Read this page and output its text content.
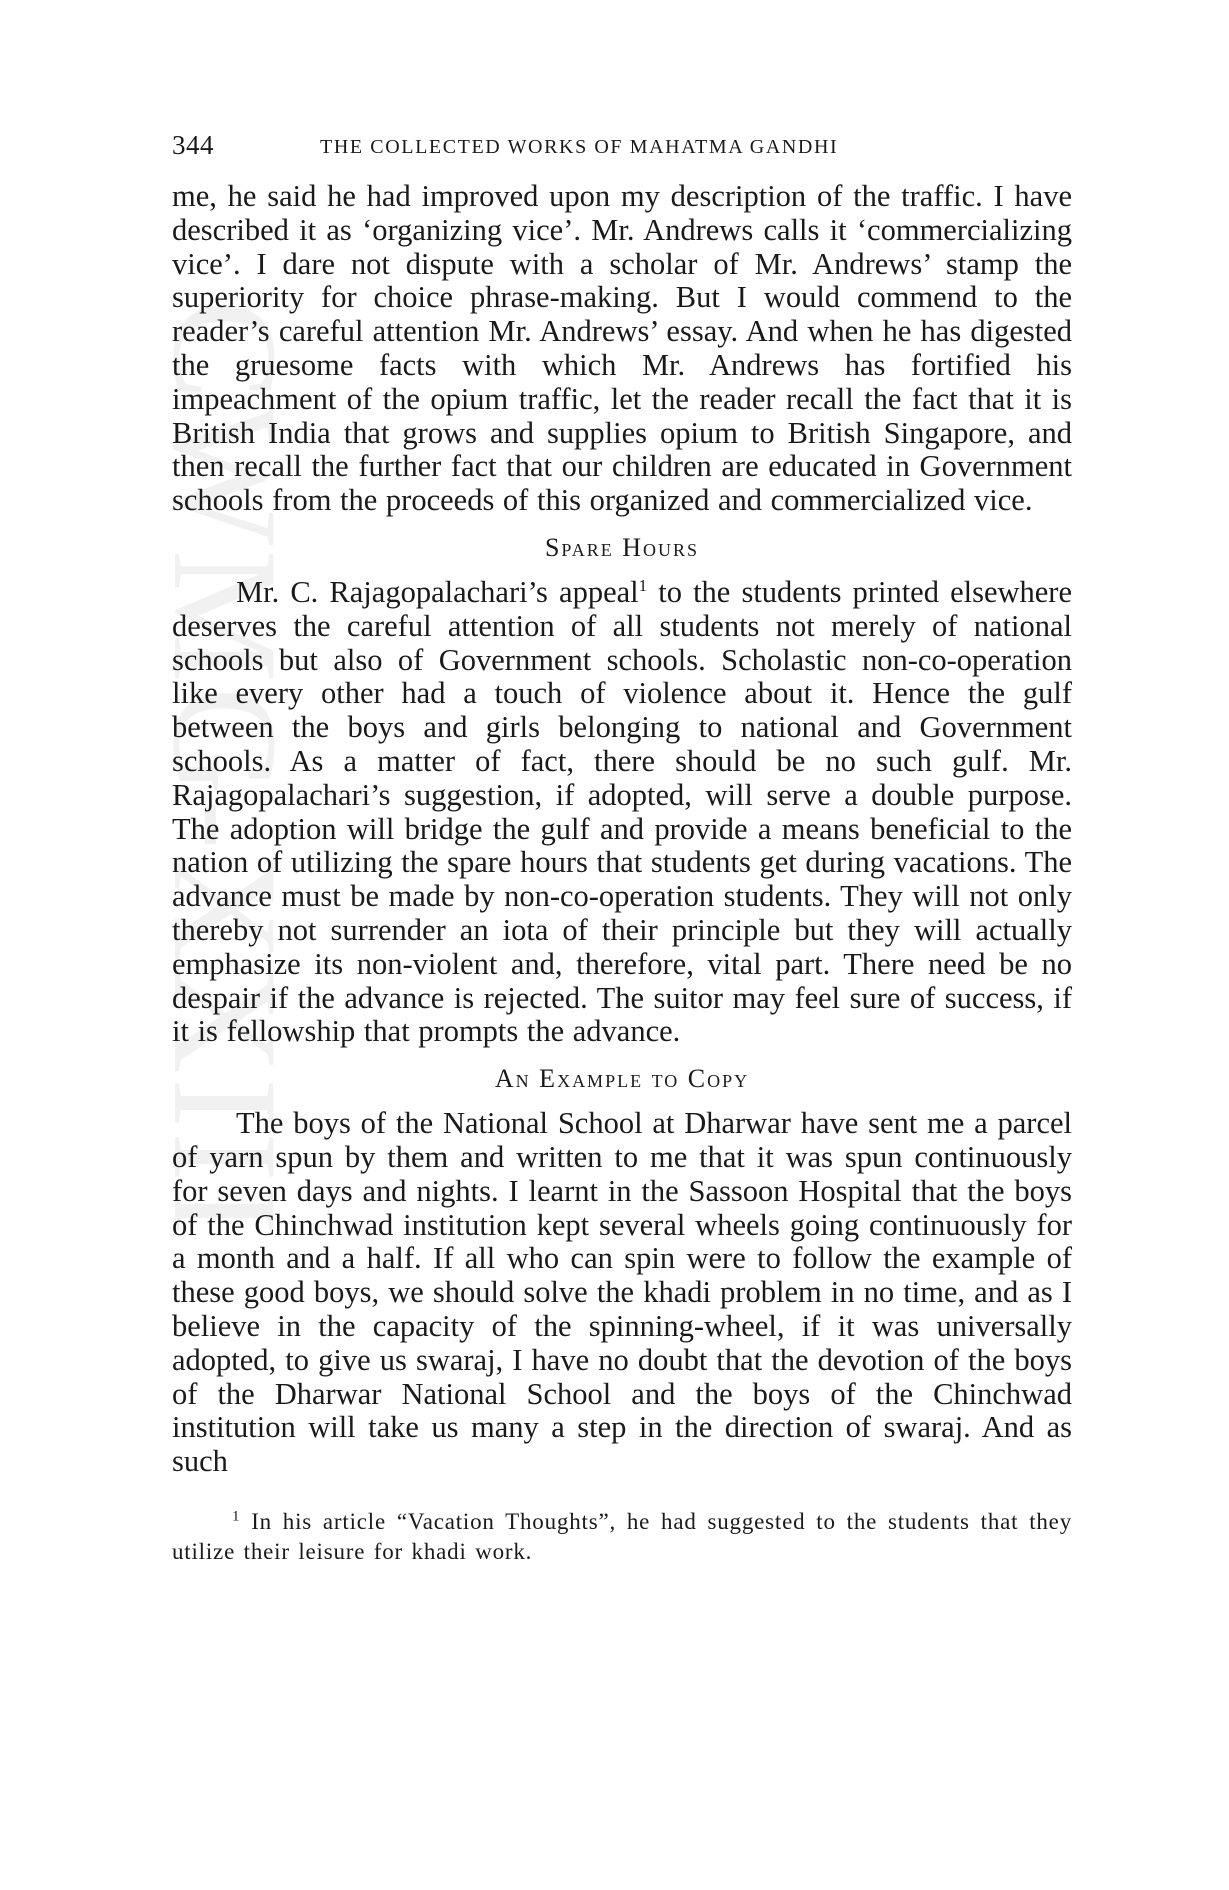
CWMG-XXIII
344	THE COLLECTED WORKS OF MAHATMA GANDHI

me, he said he had improved upon my description of the traffic. I have described it as ‘organizing vice’. Mr. Andrews calls it ‘commercializing vice’. I dare not dispute with a scholar of Mr. Andrews’ stamp the superiority for choice phrase-making. But I would commend to the reader’s careful attention Mr. Andrews’ essay. And when he has digested the gruesome facts with which Mr. Andrews has fortified his impeachment of the opium traffic, let the reader recall the fact that it is British India that grows and supplies opium to British Singapore, and then recall the further fact that our children are educated in Government schools from the proceeds of this organized and commercialized vice.

Spare Hours

Mr. C. Rajagopalachari’s appeal$^1$ to the students printed elsewhere deserves the careful attention of all students not merely of national schools but also of Government schools. Scholastic non-co-operation like every other had a touch of violence about it. Hence the gulf between the boys and girls belonging to national and Government schools. As a matter of fact, there should be no such gulf. Mr. Rajagopalachari’s suggestion, if adopted, will serve a double purpose. The adoption will bridge the gulf and provide a means beneficial to the nation of utilizing the spare hours that students get during vacations. The advance must be made by non-co-operation students. They will not only thereby not surrender an iota of their principle but they will actually emphasize its non-violent and, therefore, vital part. There need be no despair if the advance is rejected. The suitor may feel sure of success, if it is fellowship that prompts the advance.

An Example to Copy

The boys of the National School at Dharwar have sent me a parcel of yarn spun by them and written to me that it was spun continuously for seven days and nights. I learnt in the Sassoon Hospital that the boys of the Chinchwad institution kept several wheels going continuously for a month and a half. If all who can spin were to follow the example of these good boys, we should solve the khadi problem in no time, and as I believe in the capacity of the spinning-wheel, if it was universally adopted, to give us swaraj, I have no doubt that the devotion of the boys of the Dharwar National School and the boys of the Chinchwad institution will take us many a step in the direction of swaraj. And as such

$^1$ In his article “Vacation Thoughts”, he had suggested to the students that they utilize their leisure for khadi work.
